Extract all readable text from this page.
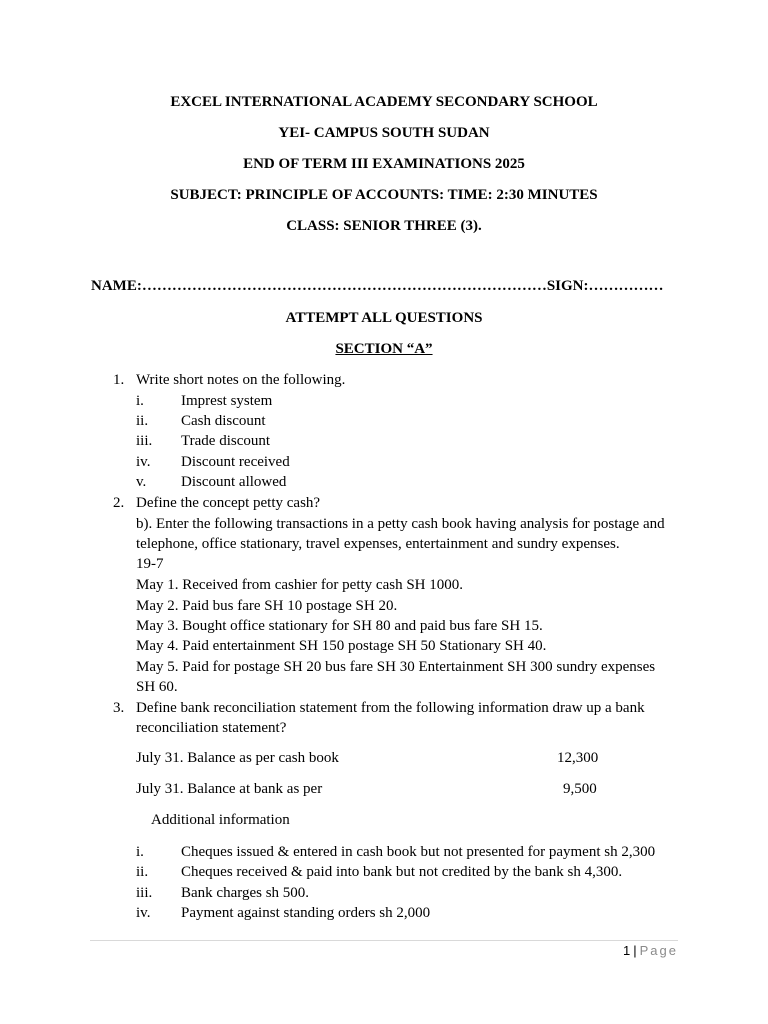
EXCEL INTERNATIONAL ACADEMY SECONDARY SCHOOL
YEI- CAMPUS SOUTH SUDAN
END OF TERM III EXAMINATIONS 2025
SUBJECT: PRINCIPLE OF ACCOUNTS: TIME: 2:30 MINUTES
CLASS: SENIOR THREE (3).
NAME:………………………………………………………………………SIGN:……………
ATTEMPT ALL QUESTIONS
SECTION “A”
1. Write short notes on the following.
i. Imprest system
ii. Cash discount
iii. Trade discount
iv. Discount received
v. Discount allowed
2. Define the concept petty cash?
b). Enter the following transactions in a petty cash book having analysis for postage and
telephone, office stationary, travel expenses, entertainment and sundry expenses.
19-7
May 1. Received from cashier for petty cash SH 1000.
May 2. Paid bus fare SH 10 postage SH 20.
May 3. Bought office stationary for SH 80 and paid bus fare SH 15.
May 4. Paid entertainment SH 150 postage SH 50 Stationary SH 40.
May 5. Paid for postage SH 20 bus fare SH 30 Entertainment SH 300 sundry expenses
SH 60.
3. Define bank reconciliation statement from the following information draw up a bank
reconciliation statement?
July 31. Balance as per cash book	12,300
July 31. Balance at bank as per	9,500
Additional information
i. Cheques issued & entered in cash book but not presented for payment sh 2,300
ii. Cheques received & paid into bank but not credited by the bank sh 4,300.
iii. Bank charges sh 500.
iv. Payment against standing orders sh 2,000
1 | Page
